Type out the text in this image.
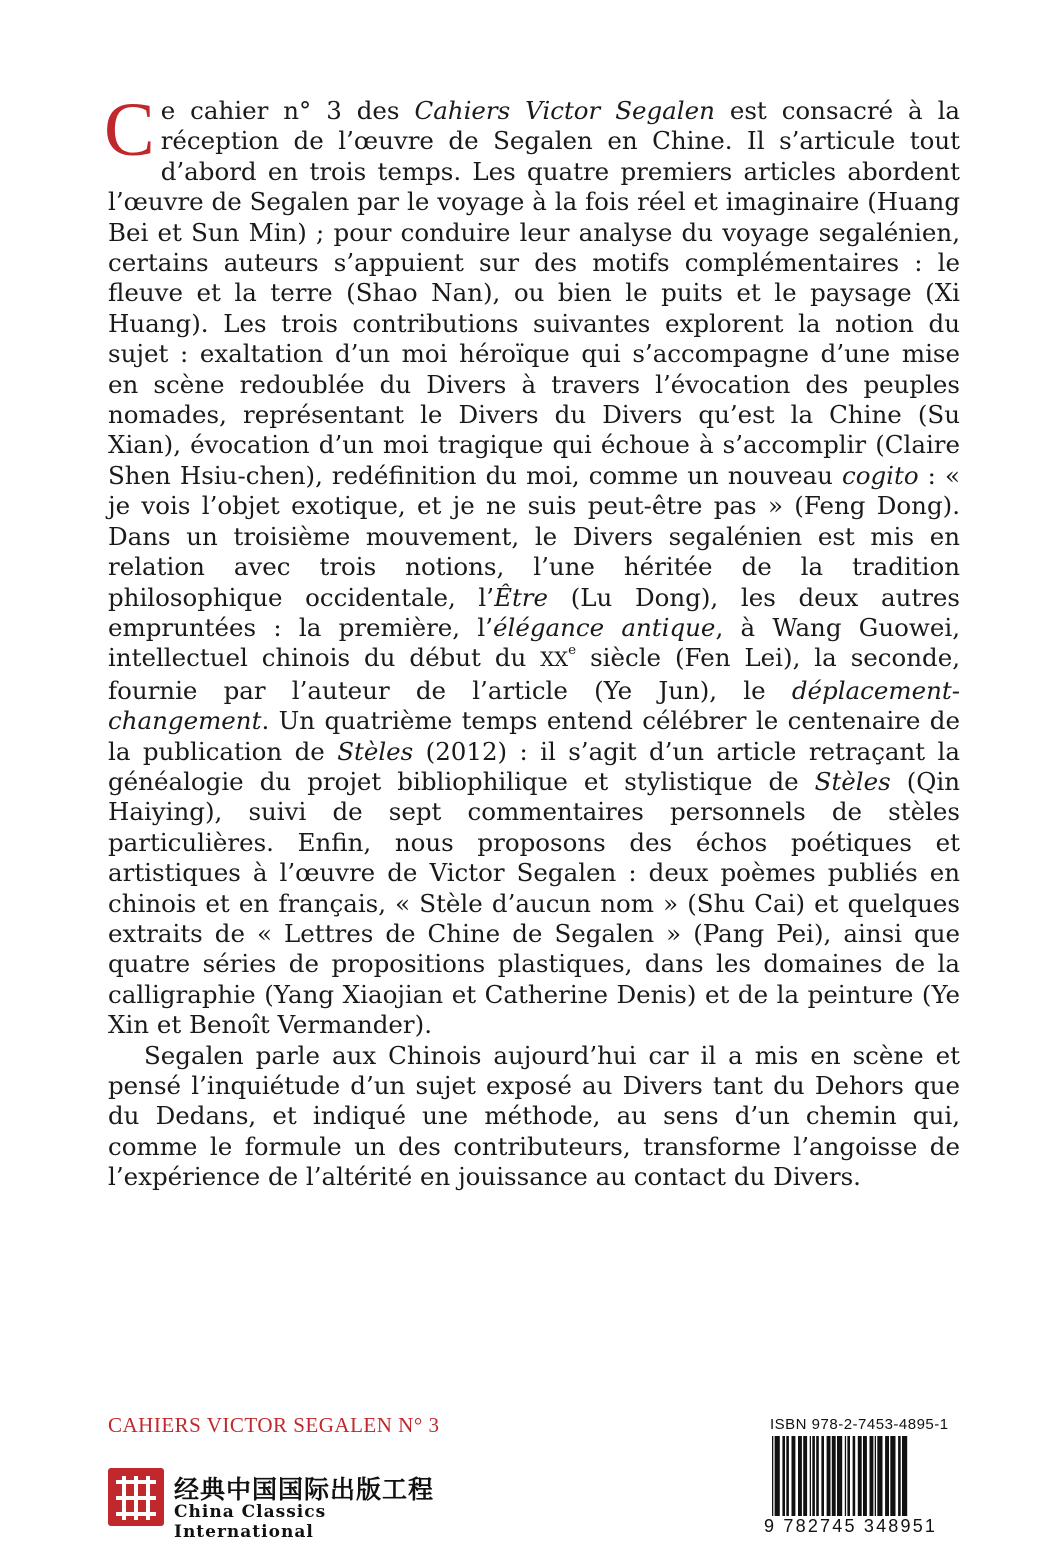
Ce cahier n° 3 des Cahiers Victor Segalen est consacré à la réception de l’œuvre de Segalen en Chine. Il s’articule tout d’abord en trois temps. Les quatre premiers articles abordent l’œuvre de Segalen par le voyage à la fois réel et imaginaire (Huang Bei et Sun Min) ; pour conduire leur analyse du voyage segalénien, certains auteurs s’appuient sur des motifs complémentaires : le fleuve et la terre (Shao Nan), ou bien le puits et le paysage (Xi Huang). Les trois contributions suivantes explorent la notion du sujet : exaltation d’un moi héroïque qui s’accompagne d’une mise en scène redoublée du Divers à travers l’évocation des peuples nomades, représentant le Divers du Divers qu’est la Chine (Su Xian), évocation d’un moi tragique qui échoue à s’accomplir (Claire Shen Hsiu-chen), redéfinition du moi, comme un nouveau cogito : « je vois l’objet exotique, et je ne suis peut-être pas » (Feng Dong). Dans un troisième mouvement, le Divers segalénien est mis en relation avec trois notions, l’une héritée de la tradition philosophique occidentale, l’Être (Lu Dong), les deux autres empruntées : la première, l’élégance antique, à Wang Guowei, intellectuel chinois du début du XXe siècle (Fen Lei), la seconde, fournie par l’auteur de l’article (Ye Jun), le déplacement-changement. Un quatrième temps entend célébrer le centenaire de la publication de Stèles (2012) : il s’agit d’un article retraçant la généalogie du projet bibliophilique et stylistique de Stèles (Qin Haiying), suivi de sept commentaires personnels de stèles particulières. Enfin, nous proposons des échos poétiques et artistiques à l’œuvre de Victor Segalen : deux poèmes publiés en chinois et en français, « Stèle d’aucun nom » (Shu Cai) et quelques extraits de « Lettres de Chine de Segalen » (Pang Pei), ainsi que quatre séries de propositions plastiques, dans les domaines de la calligraphie (Yang Xiaojian et Catherine Denis) et de la peinture (Ye Xin et Benoît Vermander).

Segalen parle aux Chinois aujourd’hui car il a mis en scène et pensé l’inquiétude d’un sujet exposé au Divers tant du Dehors que du Dedans, et indiqué une méthode, au sens d’un chemin qui, comme le formule un des contributeurs, transforme l’angoisse de l’expérience de l’altérité en jouissance au contact du Divers.

CAHIERS VICTOR SEGALEN N° 3
经典中国国际出版工程
China Classics International
ISBN 978-2-7453-4895-1
9 782745 348951
